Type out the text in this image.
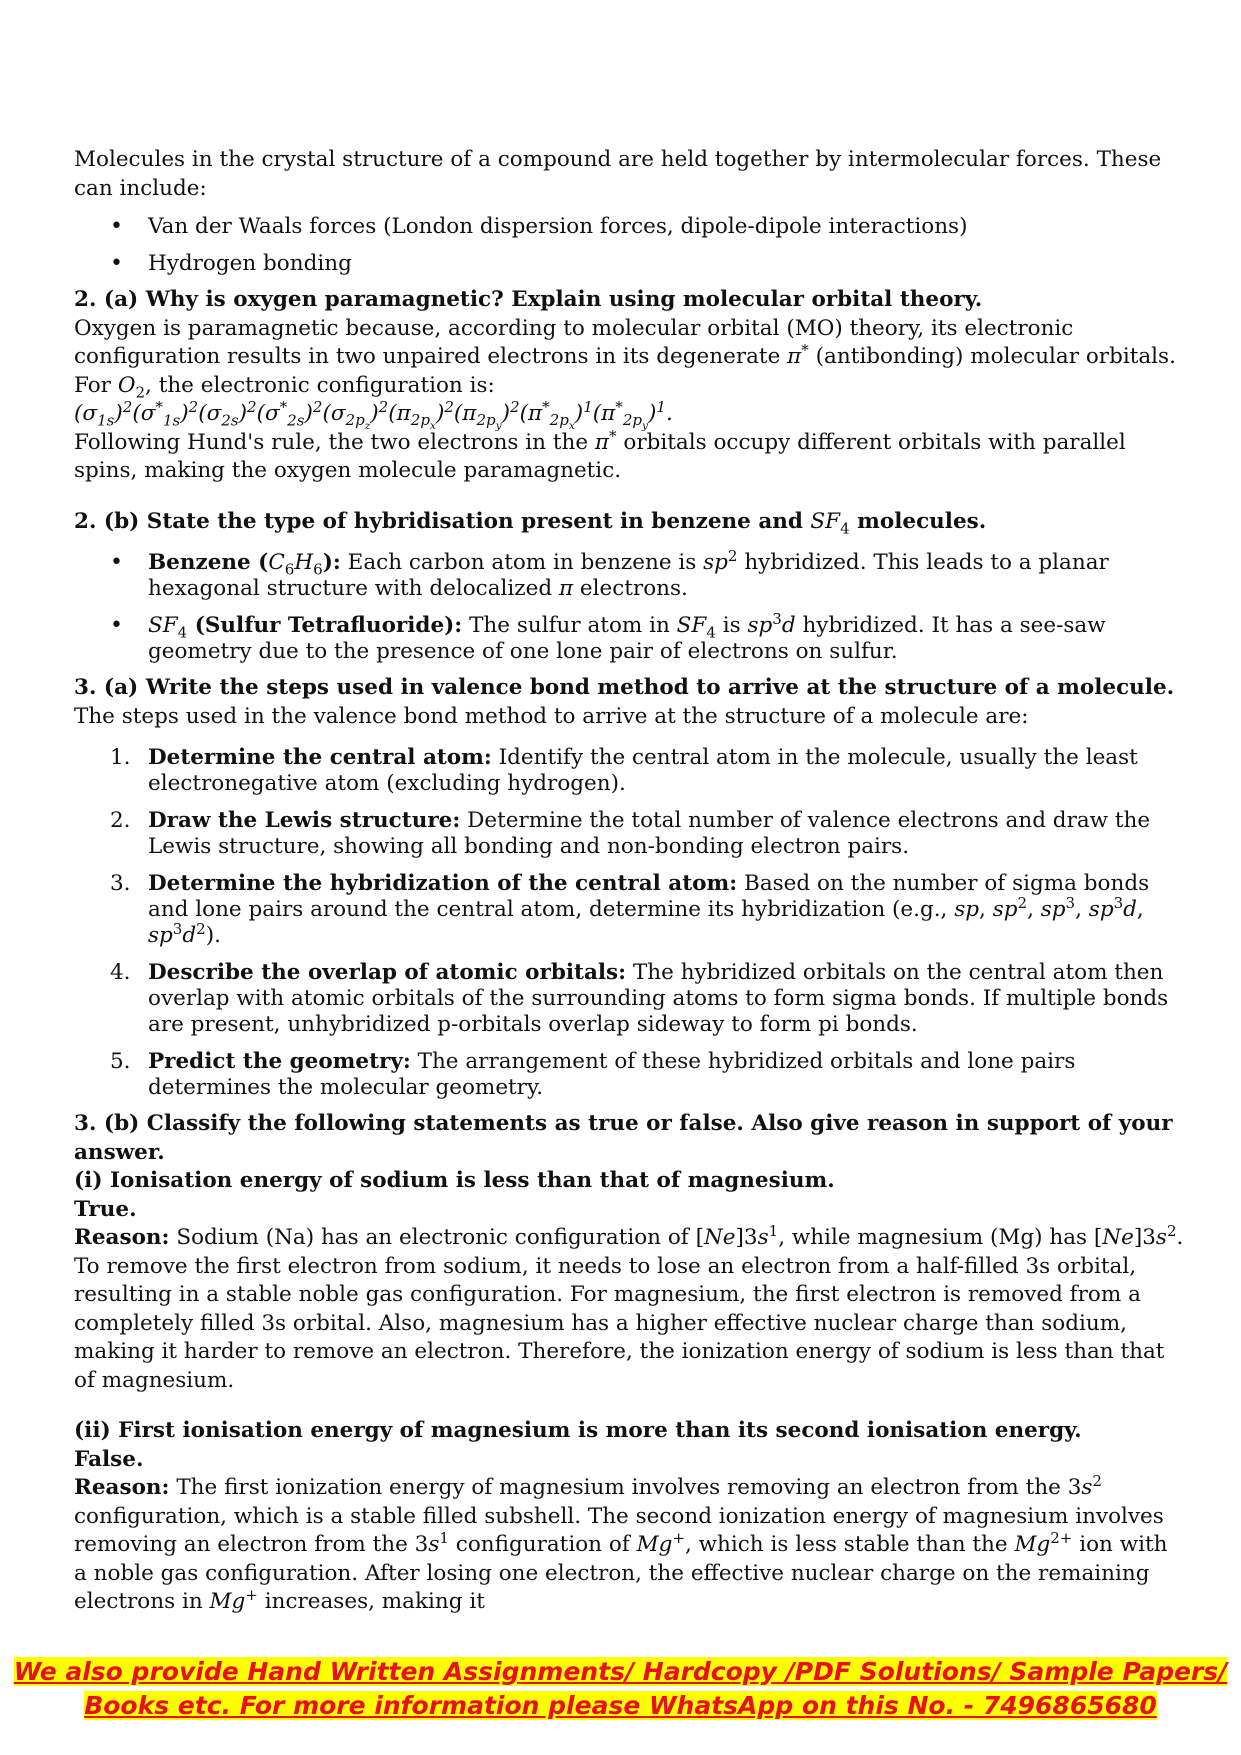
Molecules in the crystal structure of a compound are held together by intermolecular forces. These can include:

• Van der Waals forces (London dispersion forces, dipole-dipole interactions)
• Hydrogen bonding

2. (a) Why is oxygen paramagnetic? Explain using molecular orbital theory.

Oxygen is paramagnetic because, according to molecular orbital (MO) theory, its electronic configuration results in two unpaired electrons in its degenerate π* (antibonding) molecular orbitals.

For $O_2$, the electronic configuration is:

$(\sigma_{1s})^2(\sigma^*_{1s})^2(\sigma_{2s})^2(\sigma^*_{2s})^2(\sigma_{2p_z})^2(\pi_{2p_x})^2(\pi_{2p_y})^2(\pi^*_{2p_x})^1(\pi^*_{2p_y})^1$.

Following Hund's rule, the two electrons in the π* orbitals occupy different orbitals with parallel spins, making the oxygen molecule paramagnetic.

2. (b) State the type of hybridisation present in benzene and $SF_4$ molecules.

• Benzene $(C_6H_6)$: Each carbon atom in benzene is $sp^2$ hybridized. This leads to a planar hexagonal structure with delocalized π electrons.
• $SF_4$ (Sulfur Tetrafluoride): The sulfur atom in $SF_4$ is $sp^3d$ hybridized. It has a see-saw geometry due to the presence of one lone pair of electrons on sulfur.

3. (a) Write the steps used in valence bond method to arrive at the structure of a molecule.

The steps used in the valence bond method to arrive at the structure of a molecule are:

1. Determine the central atom: Identify the central atom in the molecule, usually the least electronegative atom (excluding hydrogen).
2. Draw the Lewis structure: Determine the total number of valence electrons and draw the Lewis structure, showing all bonding and non-bonding electron pairs.
3. Determine the hybridization of the central atom: Based on the number of sigma bonds and lone pairs around the central atom, determine its hybridization (e.g., sp, $sp^2$, $sp^3$, $sp^3d$, $sp^3d^2$).
4. Describe the overlap of atomic orbitals: The hybridized orbitals on the central atom then overlap with atomic orbitals of the surrounding atoms to form sigma bonds. If multiple bonds are present, unhybridized p-orbitals overlap sideway to form pi bonds.
5. Predict the geometry: The arrangement of these hybridized orbitals and lone pairs determines the molecular geometry.

3. (b) Classify the following statements as true or false. Also give reason in support of your answer.

(i) Ionisation energy of sodium is less than that of magnesium.

True.

Reason: Sodium (Na) has an electronic configuration of $[Ne]3s^1$, while magnesium (Mg) has $[Ne]3s^2$. To remove the first electron from sodium, it needs to lose an electron from a half-filled 3s orbital, resulting in a stable noble gas configuration. For magnesium, the first electron is removed from a completely filled 3s orbital. Also, magnesium has a higher effective nuclear charge than sodium, making it harder to remove an electron. Therefore, the ionization energy of sodium is less than that of magnesium.

(ii) First ionisation energy of magnesium is more than its second ionisation energy.

False.

Reason: The first ionization energy of magnesium involves removing an electron from the $3s^2$ configuration, which is a stable filled subshell. The second ionization energy of magnesium involves removing an electron from the $3s^1$ configuration of Mg+, which is less stable than the $Mg^{2+}$ ion with a noble gas configuration. After losing one electron, the effective nuclear charge on the remaining electrons in Mg+ increases, making it

We also provide Hand Written Assignments/ Hardcopy /PDF Solutions/ Sample Papers/
Books etc. For more information please WhatsApp on this No. - 7496865680
